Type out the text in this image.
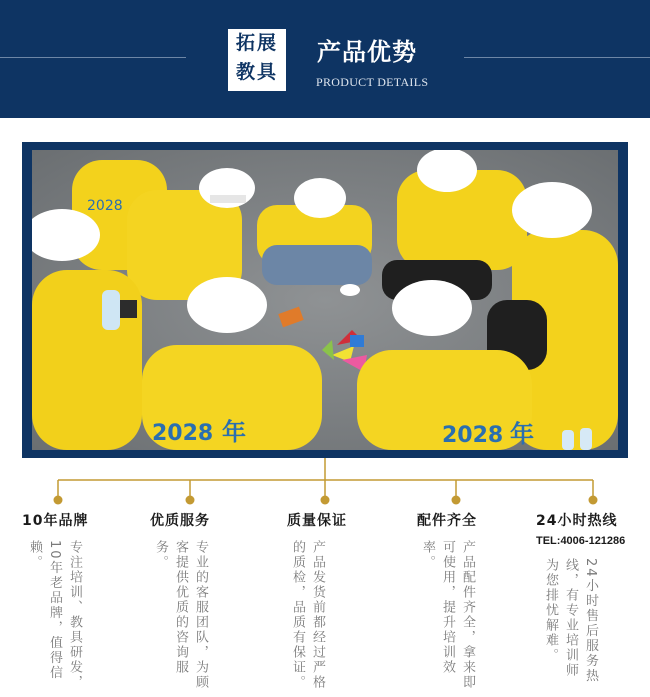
拓展
教具
产品优势
PRODUCT DETAILS
2028
2028 年	2028 年
10年品牌
专注培训、教具研发，10年老品牌，值得信赖。
优质服务
专业的客服团队，为顾客提供优质的咨询服务。
质量保证
产品发货前都经过严格的质检，品质有保证。
配件齐全
产品配件齐全，拿来即可使用，提升培训效率。
24小时热线
TEL:4006-121286
24小时售后服务热线，有专业培训师为您排忧解难。
